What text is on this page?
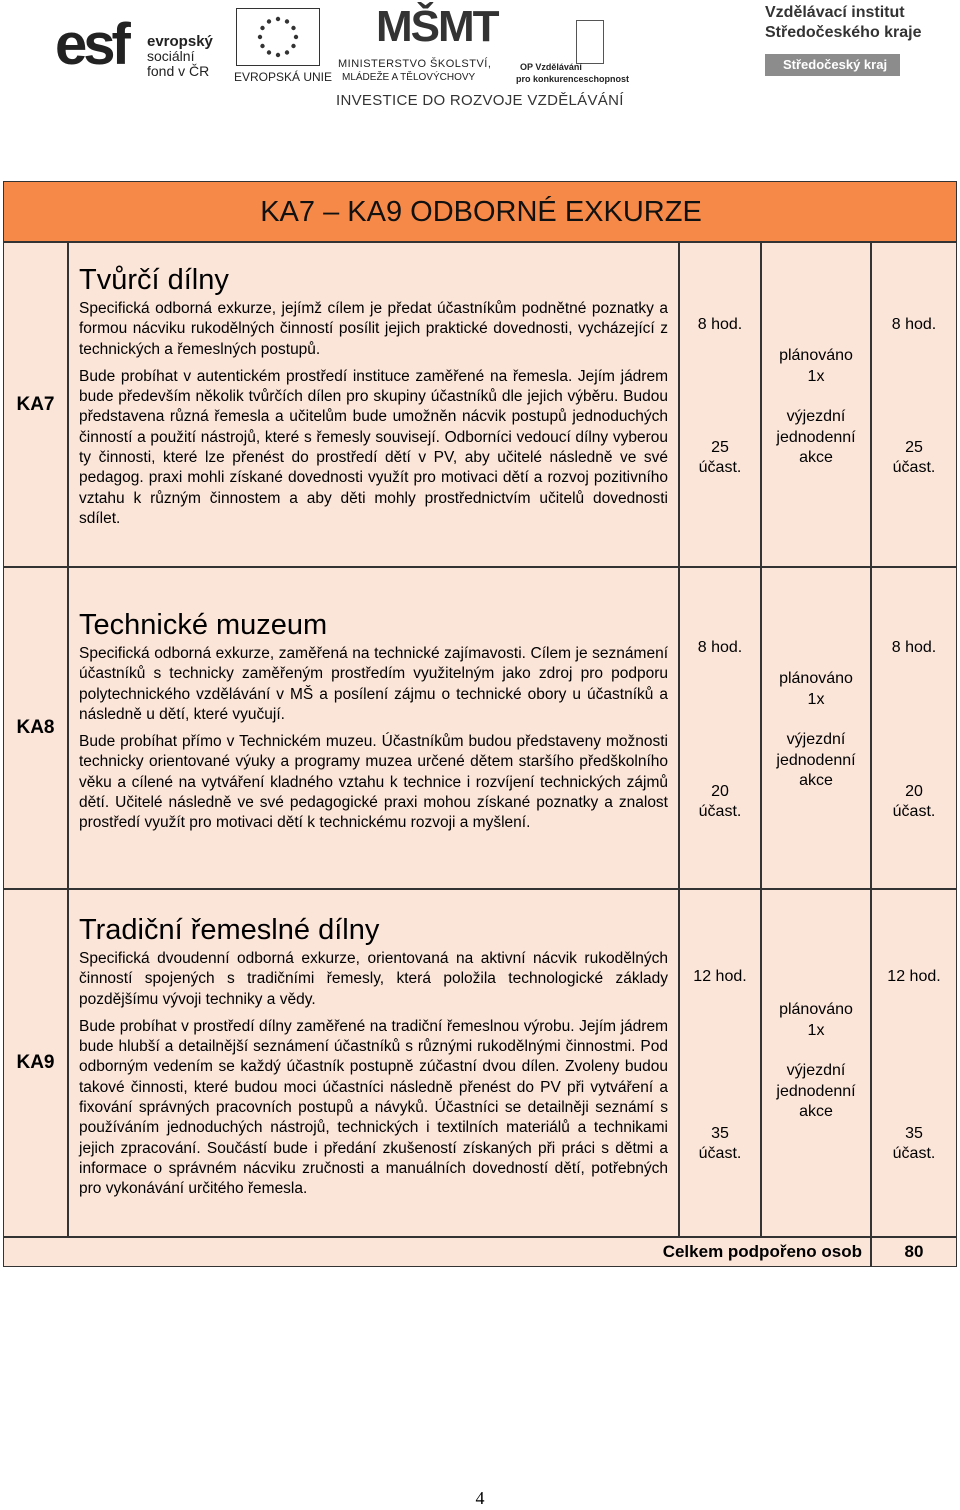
esf evropský
sociální
fond v ČR	EVROPSKÁ UNIE
MŠMT
MINISTERSTVO ŠKOLSTVÍ,
MLÁDEŽE A TĚLOVÝCHOVY
OP Vzdělávání
pro konkurenceschopnost
INVESTICE DO ROZVOJE VZDĚLÁVÁNÍ
Vzdělávací institut
Středočeského kraje
Středočeský kraj
KA7 – KA9 ODBORNÉ EXKURZE
KA7
Tvůrčí dílny

Specifická odborná exkurze, jejímž cílem je předat účastníkům podnětné poznatky a formou nácviku rukodělných činností posílit jejich praktické dovednosti, vycházející z technických a řemeslných postupů.

Bude probíhat v autentickém prostředí instituce zaměřené na řemesla. Jejím jádrem bude především několik tvůrčích dílen pro skupiny účastníků dle jejich výběru. Budou představena různá řemesla a učitelům bude umožněn nácvik postupů jednoduchých činností a použití nástrojů, které s řemesly souvisejí. Odborníci vedoucí dílny vyberou ty činnosti, které lze přenést do prostředí dětí v PV, aby učitelé následně ve své pedagog. praxi mohli získané dovednosti využít pro motivaci dětí a rozvoj pozitivního vztahu k různým činnostem a aby děti mohly prostřednictvím učitelů dovednosti sdílet.

8 hod.
25
účast.
plánováno
1x
výjezdní
jednodenní
akce
8 hod.
25
účast.
KA8
Technické muzeum

Specifická odborná exkurze, zaměřená na technické zajímavosti. Cílem je seznámení účastníků s technicky zaměřeným prostředím využitelným jako zdroj pro podporu polytechnického vzdělávání v MŠ a posílení zájmu o technické obory u účastníků a následně u dětí, které vyučují.

Bude probíhat přímo v Technickém muzeu. Účastníkům budou představeny možnosti technicky orientované výuky a programy muzea určené dětem staršího předškolního věku a cílené na vytváření kladného vztahu k technice i rozvíjení technických zájmů dětí. Učitelé následně ve své pedagogické praxi mohou získané poznatky a znalost prostředí využít pro motivaci dětí k technickému rozvoji a myšlení.

8 hod.
20
účast.
plánováno
1x
výjezdní
jednodenní
akce
8 hod.
20
účast.
KA9
Tradiční řemeslné dílny

Specifická dvoudenní odborná exkurze, orientovaná na aktivní nácvik rukodělných činností spojených s tradičními řemesly, která položila technologické základy pozdějšímu vývoji techniky a vědy.

Bude probíhat v prostředí dílny zaměřené na tradiční řemeslnou výrobu. Jejím jádrem bude hlubší a detailnější seznámení účastníků s různými rukodělnými činnostmi. Pod odborným vedením se každý účastník postupně zúčastní dvou dílen. Zvoleny budou takové činnosti, které budou moci účastníci následně přenést do PV při vytváření a fixování správných pracovních postupů a návyků. Účastníci se detailněji seznámí s používáním jednoduchých nástrojů, technických i textilních materiálů a technikami jejich zpracování. Součástí bude i předání zkušeností získaných při práci s dětmi a informace o správném nácviku zručnosti a manuálních dovedností dětí, potřebných pro vykonávání určitého řemesla.

12 hod.
35
účast.
plánováno
1x
výjezdní
jednodenní
akce
12 hod.
35
účast.
Celkem podpořeno osob	80
4
